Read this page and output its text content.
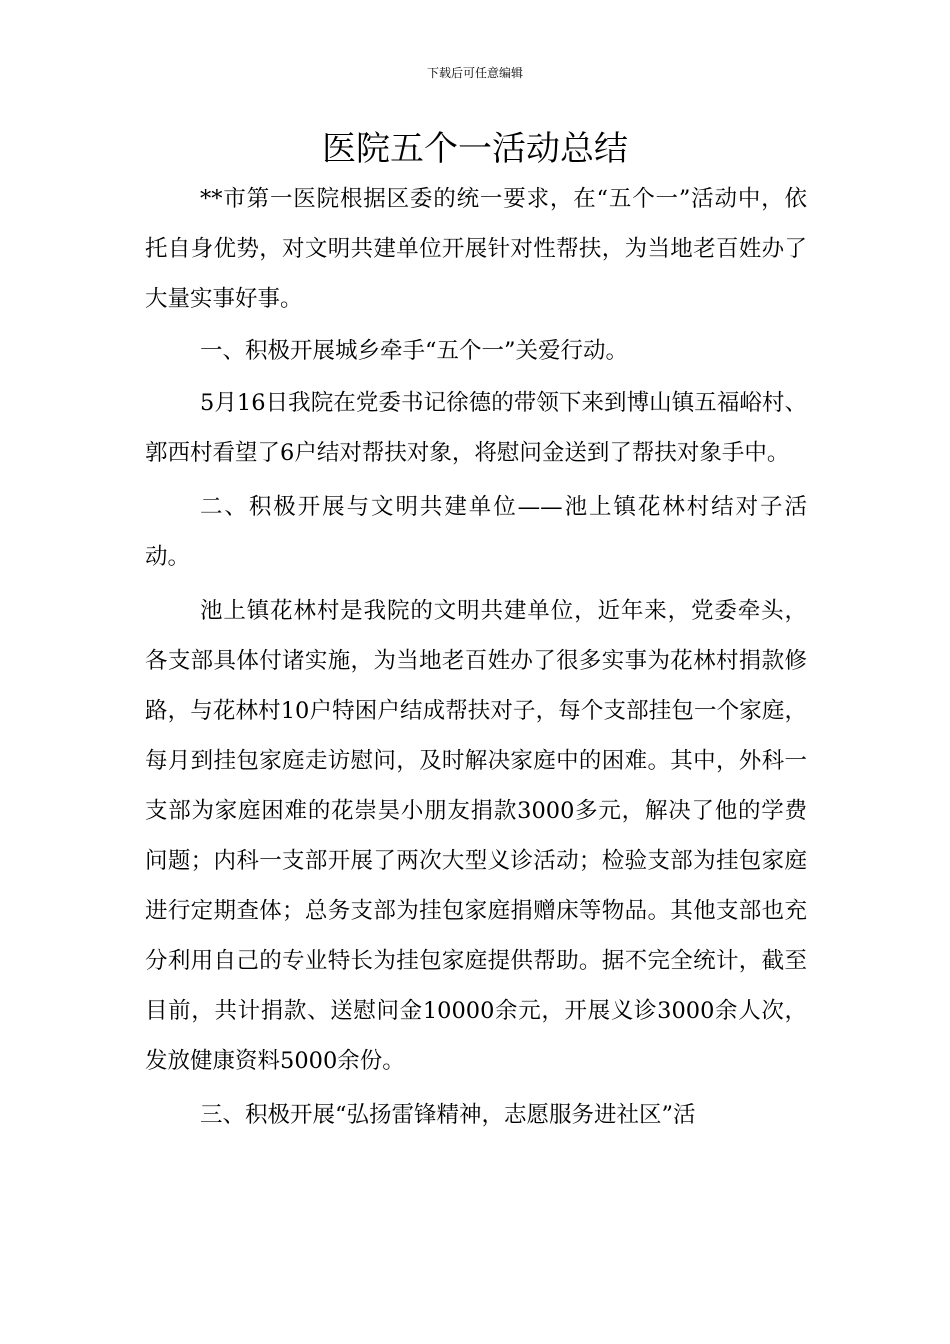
下载后可任意编辑
医院五个一活动总结

**市第一医院根据区委的统一要求，在“五个一”活动中，依托自身优势，对文明共建单位开展针对性帮扶，为当地老百姓办了大量实事好事。

一、积极开展城乡牵手“五个一”关爱行动。

5月16日我院在党委书记徐德的带领下来到博山镇五福峪村、郭西村看望了6户结对帮扶对象，将慰问金送到了帮扶对象手中。

二、积极开展与文明共建单位——池上镇花林村结对子活动。

池上镇花林村是我院的文明共建单位，近年来，党委牵头，各支部具体付诸实施，为当地老百姓办了很多实事为花林村捐款修路，与花林村10户特困户结成帮扶对子，每个支部挂包一个家庭，每月到挂包家庭走访慰问，及时解决家庭中的困难。其中，外科一支部为家庭困难的花崇昊小朋友捐款3000多元，解决了他的学费问题；内科一支部开展了两次大型义诊活动；检验支部为挂包家庭进行定期查体；总务支部为挂包家庭捐赠床等物品。其他支部也充分利用自己的专业特长为挂包家庭提供帮助。据不完全统计，截至目前，共计捐款、送慰问金10000余元，开展义诊3000余人次，发放健康资料5000余份。

三、积极开展“弘扬雷锋精神，志愿服务进社区”活
